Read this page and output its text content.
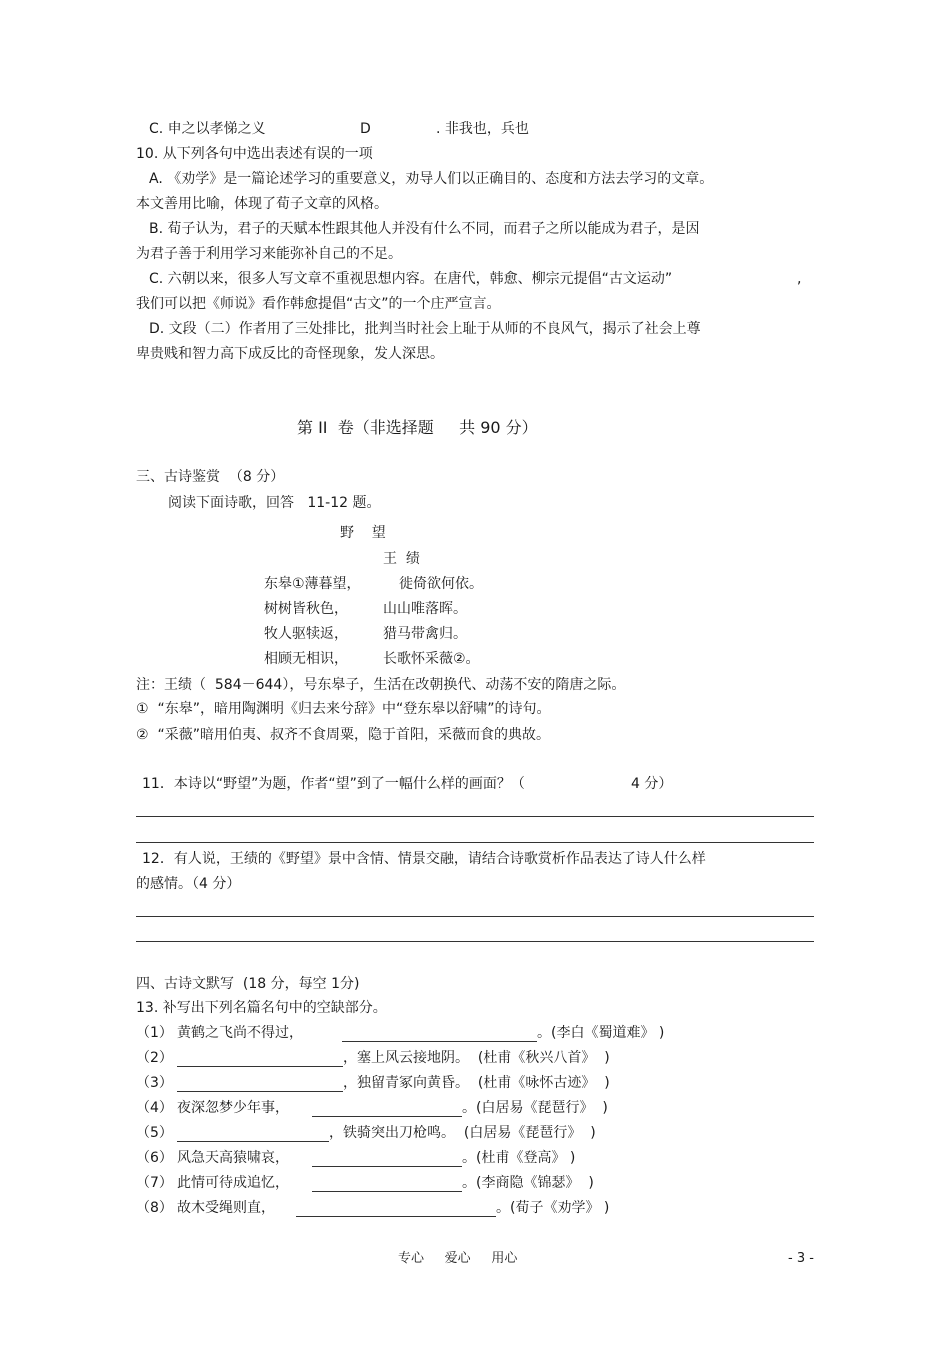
C. 申之以孝悌之义	D	. 非我也，兵也
10. 从下列各句中选出表述有误的一项
A. 《劝学》是一篇论述学习的重要意义，劝导人们以正确目的、态度和方法去学习的文章。
本文善用比喻，体现了荀子文章的风格。
B. 荀子认为，君子的天赋本性跟其他人并没有什么不同，而君子之所以能成为君子，是因
为君子善于利用学习来能弥补自己的不足。
C. 六朝以来，很多人写文章不重视思想内容。在唐代，韩愈、柳宗元提倡“古文运动”	,
我们可以把《师说》看作韩愈提倡“古文”的一个庄严宣言。
D. 文段（二）作者用了三处排比，批判当时社会上耻于从师的不良风气，揭示了社会上尊
卑贵贱和智力高下成反比的奇怪现象，发人深思。
第 II  卷（非选择题     共 90 分）
三、古诗鉴赏  （8 分）
阅读下面诗歌，回答   11-12 题。
野    望
王  绩
东皋①薄暮望，	徙倚欲何依。
树树皆秋色，	山山唯落晖。
牧人驱犊返，	猎马带禽归。
相顾无相识，	长歌怀采薇②。
注：王绩（  584－644），号东皋子，生活在改朝换代、动荡不安的隋唐之际。
①  “东皋”，暗用陶渊明《归去来兮辞》中“登东皋以舒啸”的诗句。
②  “采薇”暗用伯夷、叔齐不食周粟，隐于首阳，采薇而食的典故。
11．本诗以“野望”为题，作者“望”到了一幅什么样的画面？（	4 分）
12．有人说，王绩的《野望》景中含情、情景交融，请结合诗歌赏析作品表达了诗人什么样
的感情。（4 分）
四、古诗文默写  (18 分，每空 1分)
13. 补写出下列名篇名句中的空缺部分。
（1） 黄鹤之飞尚不得过，	。(李白《蜀道难》 )
（2）	，塞上风云接地阴。  (杜甫《秋兴八首》  )
（3）	，独留青冢向黄昏。  (杜甫《咏怀古迹》  )
（4） 夜深忽梦少年事，	。(白居易《琵琶行》  )
（5）	，铁骑突出刀枪鸣。  (白居易《琵琶行》  )
（6） 风急天高猿啸哀，	。(杜甫《登高》 )
（7） 此情可待成追忆，	。(李商隐《锦瑟》  )
（8） 故木受绳则直，	。(荀子《劝学》 )
专心     爱心     用心	- 3 -
